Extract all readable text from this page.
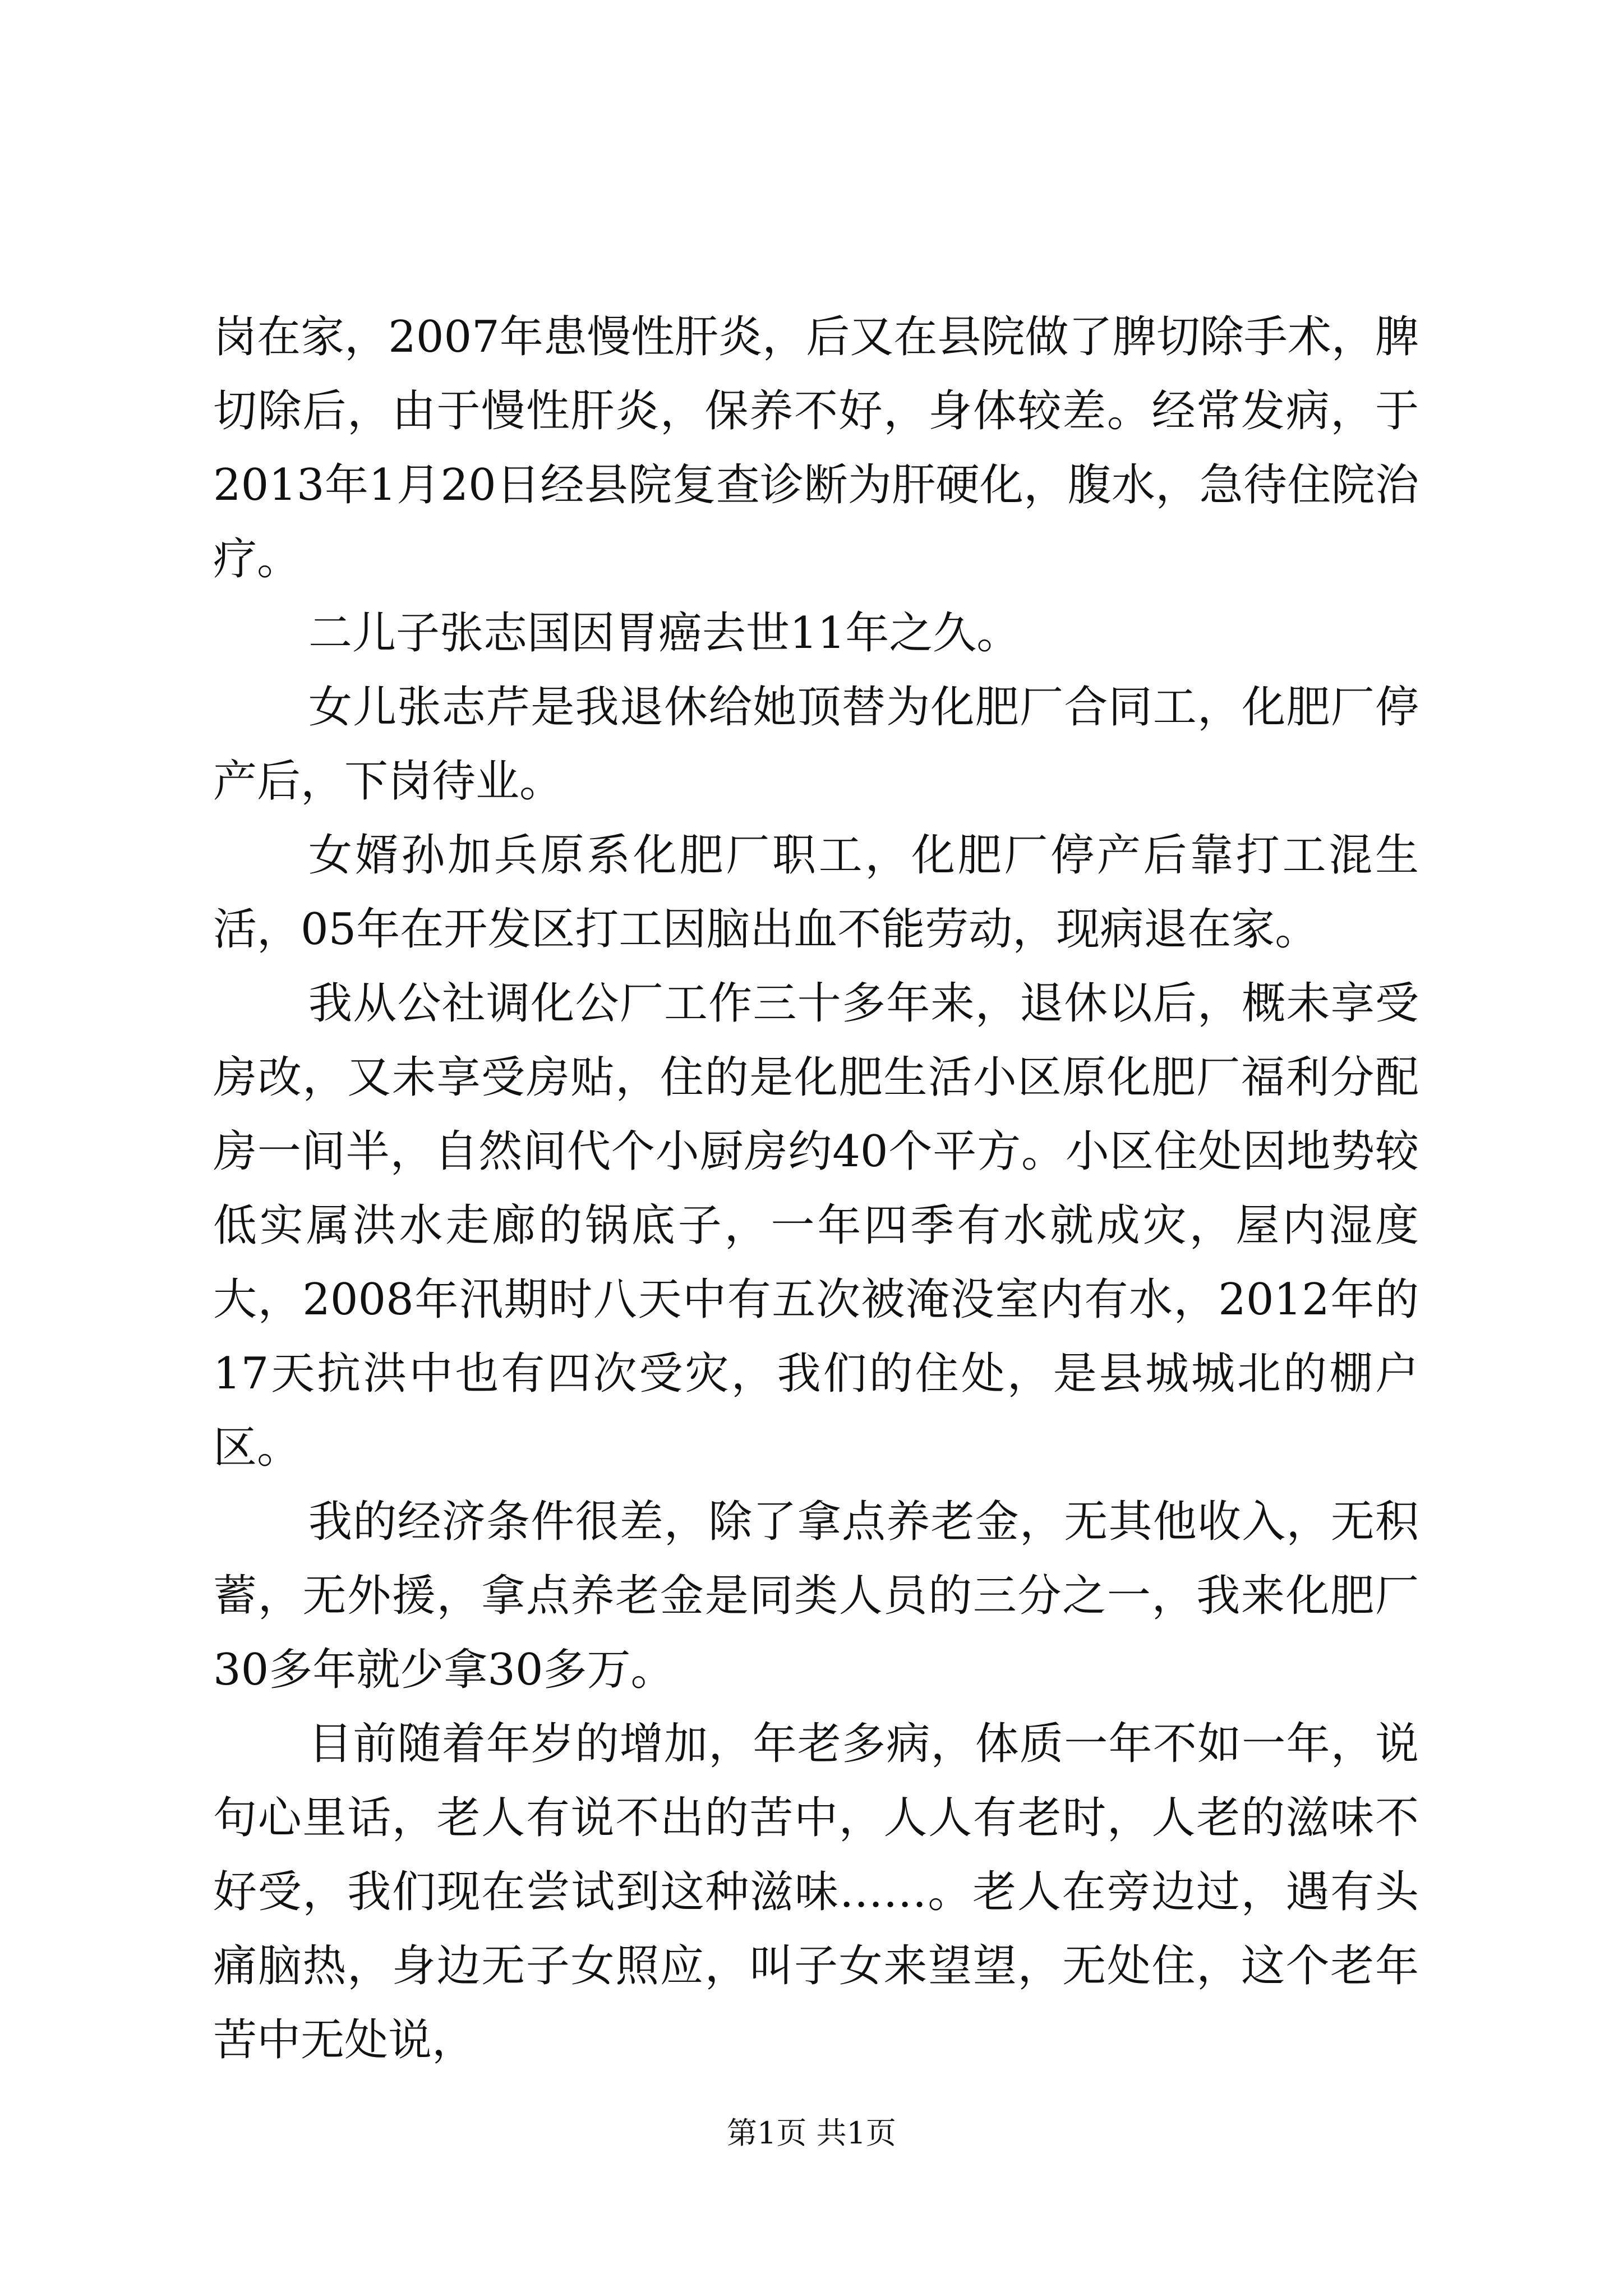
岗在家，2007年患慢性肝炎，后又在县院做了脾切除手术，脾切除后，由于慢性肝炎，保养不好，身体较差。经常发病，于2013年1月20日经县院复查诊断为肝硬化，腹水，急待住院治疗。

二儿子张志国因胃癌去世11年之久。

女儿张志芹是我退休给她顶替为化肥厂合同工，化肥厂停产后，下岗待业。

女婿孙加兵原系化肥厂职工，化肥厂停产后靠打工混生活，05年在开发区打工因脑出血不能劳动，现病退在家。

我从公社调化公厂工作三十多年来，退休以后，概未享受房改，又未享受房贴，住的是化肥生活小区原化肥厂福利分配房一间半，自然间代个小厨房约40个平方。小区住处因地势较低实属洪水走廊的锅底子，一年四季有水就成灾，屋内湿度大，2008年汛期时八天中有五次被淹没室内有水，2012年的17天抗洪中也有四次受灾，我们的住处，是县城城北的棚户区。

我的经济条件很差，除了拿点养老金，无其他收入，无积蓄，无外援，拿点养老金是同类人员的三分之一，我来化肥厂30多年就少拿30多万。

目前随着年岁的增加，年老多病，体质一年不如一年，说句心里话，老人有说不出的苦中，人人有老时，人老的滋味不好受，我们现在尝试到这种滋味……。老人在旁边过，遇有头痛脑热，身边无子女照应，叫子女来望望，无处住，这个老年苦中无处说，

第1页 共1页
